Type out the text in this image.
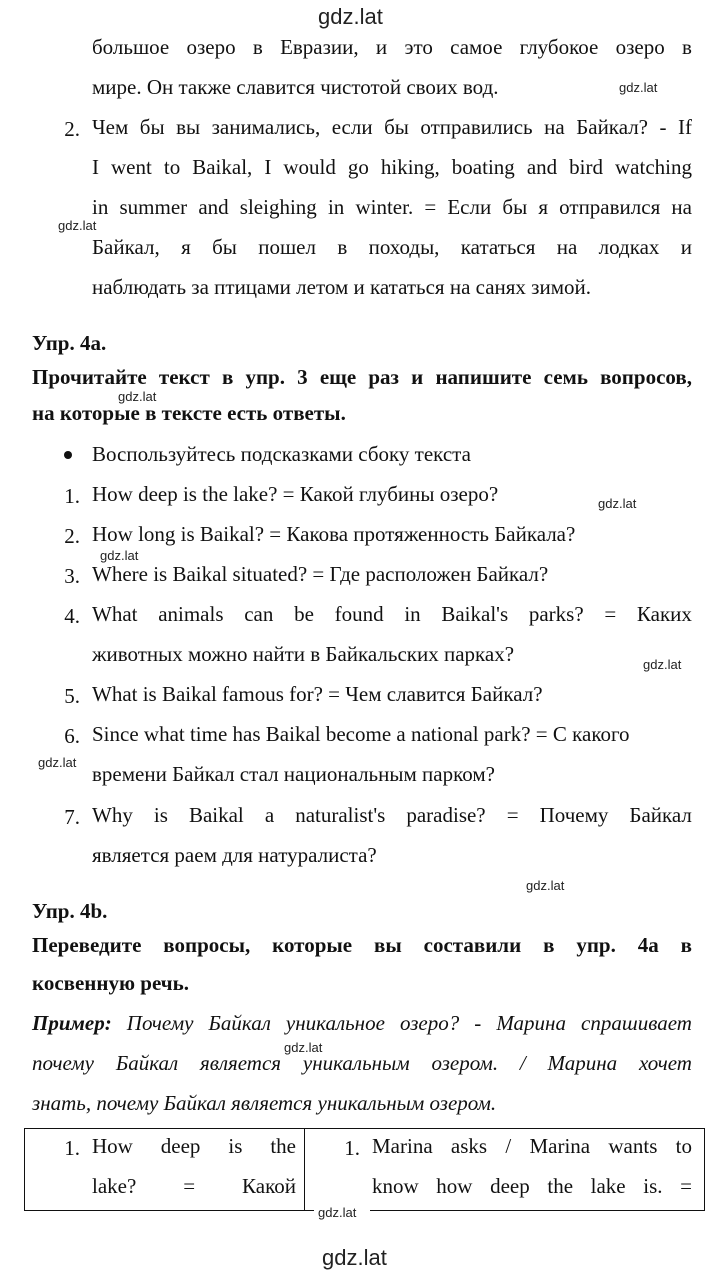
gdz.lat
gdz.lat
gdz.lat
gdz.lat
gdz.lat
gdz.lat
gdz.lat
gdz.lat
gdz.lat
gdz.lat
gdz.lat
gdz.lat
большое озеро в Евразии, и это самое глубокое озеро в
мире. Он также славится чистотой своих вод.
2. Чем бы вы занимались, если бы отправились на Байкал? - If
I went to Baikal, I would go hiking, boating and bird watching
in summer and sleighing in winter. = Если бы я отправился на
Байкал, я бы пошел в походы, кататься на лодках и
наблюдать за птицами летом и кататься на санях зимой.
Упр. 4a.
Прочитайте текст в упр. 3 еще раз и напишите семь вопросов,
на которые в тексте есть ответы.
Воспользуйтесь подсказками сбоку текста
1. How deep is the lake? = Какой глубины озеро?
2. How long is Baikal? = Какова протяженность Байкала?
3. Where is Baikal situated? = Где расположен Байкал?
4. What animals can be found in Baikal's parks? = Каких
животных можно найти в Байкальских парках?
5. What is Baikal famous for? = Чем славится Байкал?
6. Since what time has Baikal become a national park? = С какого
времени Байкал стал национальным парком?
7. Why is Baikal a naturalist's paradise? = Почему Байкал
является раем для натуралиста?
Упр. 4b.
Переведите вопросы, которые вы составили в упр. 4a в
косвенную речь.
Пример: Почему Байкал уникальное озеро? - Марина спрашивает
почему Байкал является уникальным озером. / Марина хочет
знать, почему Байкал является уникальным озером.
1. How deep is the
lake? = Какой
1. Marina asks / Marina wants to
know how deep the lake is. =
